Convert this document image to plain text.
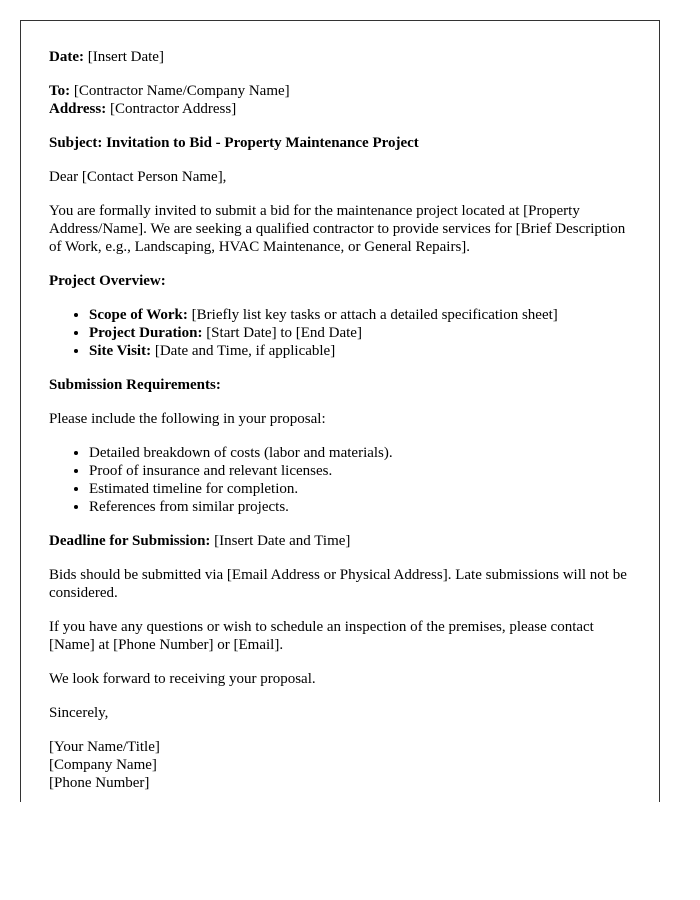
Date: [Insert Date]

To: [Contractor Name/Company Name]
Address: [Contractor Address]

Subject: Invitation to Bid - Property Maintenance Project

Dear [Contact Person Name],

You are formally invited to submit a bid for the maintenance project located at [Property Address/Name]. We are seeking a qualified contractor to provide services for [Brief Description of Work, e.g., Landscaping, HVAC Maintenance, or General Repairs].

Project Overview:

• Scope of Work: [Briefly list key tasks or attach a detailed specification sheet]
• Project Duration: [Start Date] to [End Date]
• Site Visit: [Date and Time, if applicable]

Submission Requirements:

Please include the following in your proposal:

• Detailed breakdown of costs (labor and materials).
• Proof of insurance and relevant licenses.
• Estimated timeline for completion.
• References from similar projects.

Deadline for Submission: [Insert Date and Time]

Bids should be submitted via [Email Address or Physical Address]. Late submissions will not be considered.

If you have any questions or wish to schedule an inspection of the premises, please contact [Name] at [Phone Number] or [Email].

We look forward to receiving your proposal.

Sincerely,

[Your Name/Title]

[Company Name]

[Phone Number]
